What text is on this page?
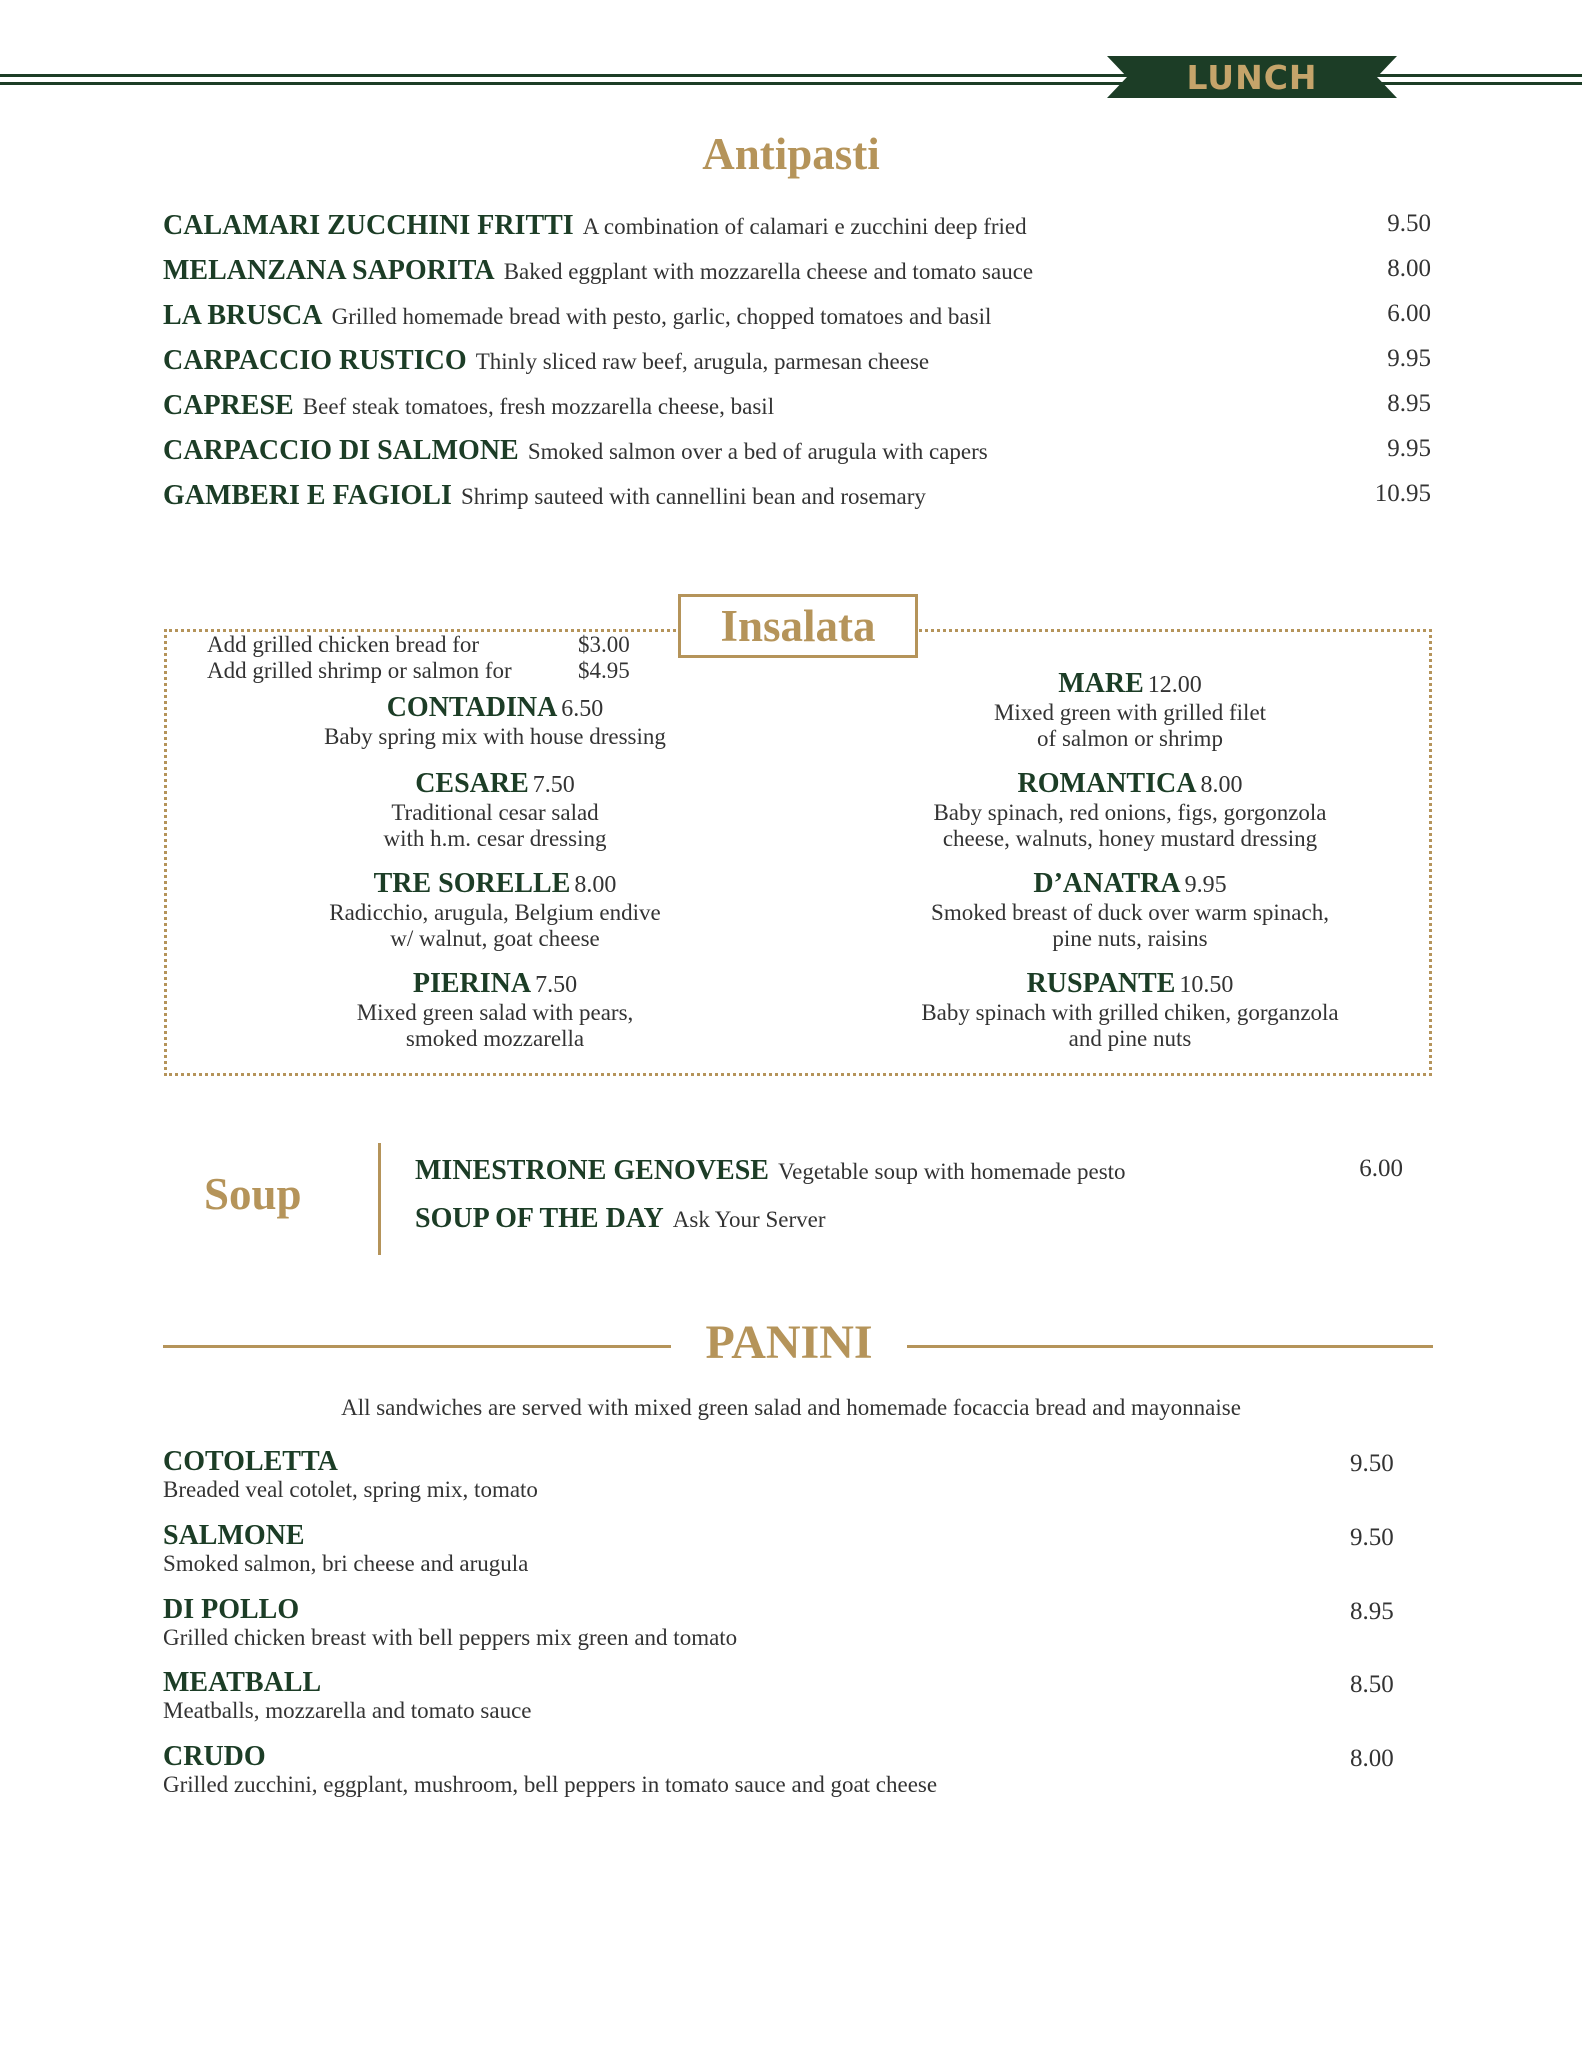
LUNCH
Antipasti
CALAMARI ZUCCHINI FRITTI A combination of calamari e zucchini deep fried	9.50
MELANZANA SAPORITA Baked eggplant with mozzarella cheese and tomato sauce	8.00
LA BRUSCA Grilled homemade bread with pesto, garlic, chopped tomatoes and basil	6.00
CARPACCIO RUSTICO Thinly sliced raw beef, arugula, parmesan cheese	9.95
CAPRESE Beef steak tomatoes, fresh mozzarella cheese, basil	8.95
CARPACCIO DI SALMONE Smoked salmon over a bed of arugula with capers	9.95
GAMBERI E FAGIOLI Shrimp sauteed with cannellini bean and rosemary	10.95
Insalata
Add grilled chicken bread for	$3.00
Add grilled shrimp or salmon for	$4.95
CONTADINA 6.50
Baby spring mix with house dressing
CESARE 7.50
Traditional cesar salad
with h.m. cesar dressing
TRE SORELLE 8.00
Radicchio, arugula, Belgium endive
w/ walnut, goat cheese
PIERINA 7.50
Mixed green salad with pears,
smoked mozzarella
MARE 12.00
Mixed green with grilled filet
of salmon or shrimp
ROMANTICA 8.00
Baby spinach, red onions, figs, gorgonzola
cheese, walnuts, honey mustard dressing
D’ANATRA 9.95
Smoked breast of duck over warm spinach,
pine nuts, raisins
RUSPANTE 10.50
Baby spinach with grilled chiken, gorganzola
and pine nuts
Soup	MINESTRONE GENOVESE Vegetable soup with homemade pesto	6.00
SOUP OF THE DAY Ask Your Server
PANINI
All sandwiches are served with mixed green salad and homemade focaccia bread and mayonnaise
COTOLETTA
Breaded veal cotolet, spring mix, tomato
9.50
SALMONE
Smoked salmon, bri cheese and arugula
9.50
DI POLLO
Grilled chicken breast with bell peppers mix green and tomato
8.95
MEATBALL
Meatballs, mozzarella and tomato sauce
8.50
CRUDO
Grilled zucchini, eggplant, mushroom, bell peppers in tomato sauce and goat cheese
8.00
